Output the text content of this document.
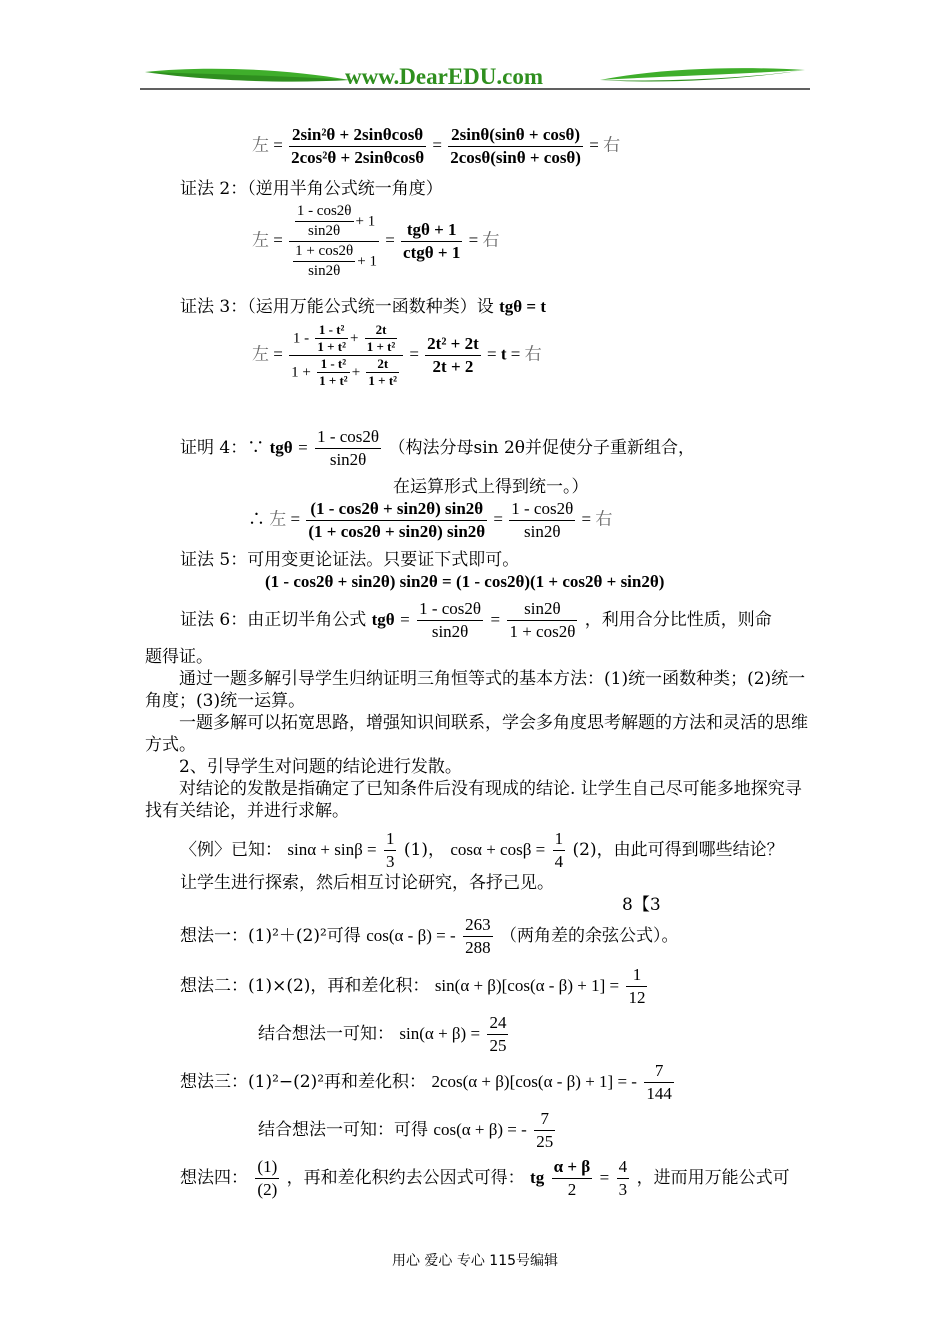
www.DearEDU.com
左 = $\frac{\text{2sin²θ + 2sinθcosθ}}{\text{2cos²θ + 2sinθcosθ}} = \frac{2\sin\theta(\sin\theta + \cos\theta)}{2\cos\theta(\sin\theta + \cos\theta)}$ = 右
证法 2：（逆用半角公式统一角度）
左 = $\frac{\frac{1 - \cos 2\theta}{\sin 2\theta} + 1}{\frac{1 + \cos 2\theta}{\sin 2\theta} + 1}$ =
tgθ + 1
ctgθ + 1
= 右
证法 3：（运用万能公式统一函数种类）设 tgθ = t
左 =
$1 - \frac{\text{1 - t²}}{\text{1 + t²}} + \frac{2t}{\text{1 + t²}}$
$1 + \frac{\text{1 - t²}}{\text{1 + t²}} + \frac{2t}{\text{1 + t²}}$
= $\frac{\text{2t² + 2t}}{2t + 2} = t$ = 右
证明 4：∵ $tg\theta = \frac{1 - \cos 2\theta}{\sin 2\theta}$ （构法分母sin 2θ并促使分子重新组合，
在运算形式上得到统一。）
∴ 左 = $\frac{(1 - \cos 2\theta + \sin 2\theta) \sin 2\theta}{(1 + \cos 2\theta + \sin 2\theta) \sin 2\theta} = \frac{1 - \cos 2\theta}{\sin 2\theta}$ = 右
证法 5：可用变更论证法。只要证下式即可。
(1 - cos2θ + sin2θ) sin2θ = (1 - cos2θ)(1 + cos2θ + sin2θ)
证法 6：由正切半角公式 $tg\theta = \frac{1 - \cos 2\theta}{\sin 2\theta} = \frac{\sin 2\theta}{1 + \cos 2\theta}$ ，利用合分比性质，则命
题得证。
通过一题多解引导学生归纳证明三角恒等式的基本方法：(1)统一函数种类；(2)统一角度；(3)统一运算。
一题多解可以拓宽思路，增强知识间联系，学会多角度思考解题的方法和灵活的思维方式。
2、引导学生对问题的结论进行发散。
对结论的发散是指确定了已知条件后没有现成的结论. 让学生自己尽可能多地探究寻找有关结论，并进行求解。
〈例〉已知： $\sin\alpha + \sin\beta = \frac{1}{3} (1)$， $\cos\alpha + \cos\beta = \frac{1}{4} (2)$，由此可得到哪些结论？
让学生进行探索，然后相互讨论研究，各抒己见。
8【3
想法一：(1)²＋(2)²可得 cos(α - β) = - $\frac{263}{288}$ （两角差的余弦公式）。
想法二：(1)×(2)，再和差化积： $\sin(\alpha + \beta)[\cos(\alpha - \beta) + 1] = \frac{1}{12}$
结合想法一可知： $\sin(\alpha + \beta) = \frac{24}{25}$
想法三：(1)²−(2)²再和差化积： 2cos(α + β)[cos(α - β) + 1] = - $\frac{7}{144}$
结合想法一可知：可得 cos(α + β) = - $\frac{7}{25}$
想法四： $\frac{(1)}{(2)}$ ，再和差化积约去公因式可得： tg $\frac{\alpha + \beta}{2} = \frac{4}{3}$ ，进而用万能公式可
用心 爱心 专心 115号编辑
